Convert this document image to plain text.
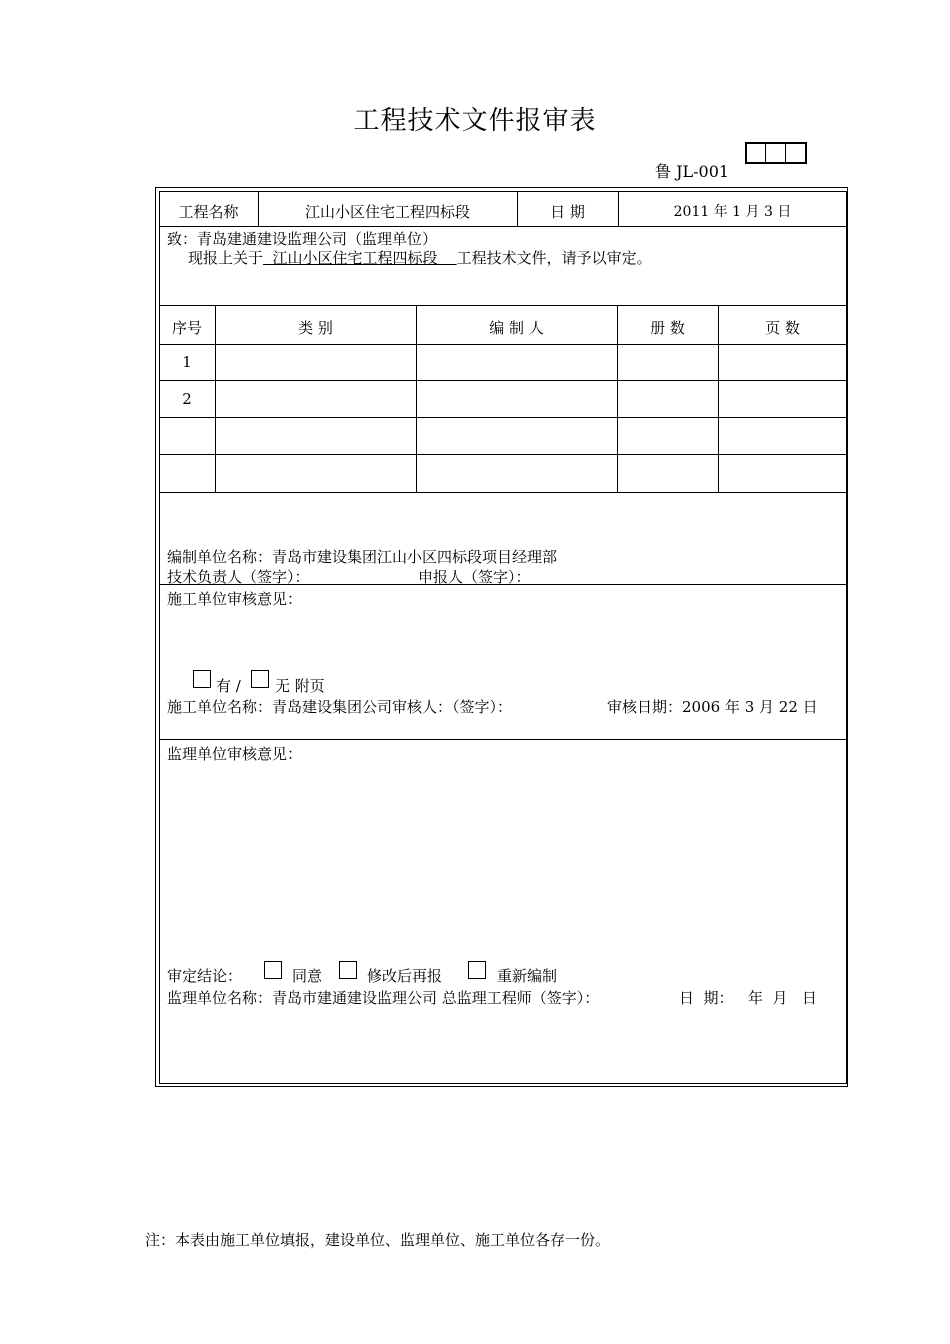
工程技术文件报审表
鲁 JL-001
工程名称	江山小区住宅工程四标段	日 期	2011 年 1 月 3 日
致：青岛建通建设监理公司（监理单位）
现报上关于  江山小区住宅工程四标段    工程技术文件，请予以审定。
序号	类 别	编 制 人	册 数	页 数
1
2
编制单位名称：青岛市建设集团江山小区四标段项目经理部
技术负责人（签字）：	申报人（签字）：
施工单位审核意见：
有 / 无 附页
施工单位名称：青岛建设集团公司审核人：（签字）：	审核日期：2006 年 3 月 22 日
监理单位审核意见：
审定结论：	同意	修改后再报	重新编制
监理单位名称：青岛市建通建设监理公司 总监理工程师（签字）：	日  期： 年  月   日
注：本表由施工单位填报，建设单位、监理单位、施工单位各存一份。
